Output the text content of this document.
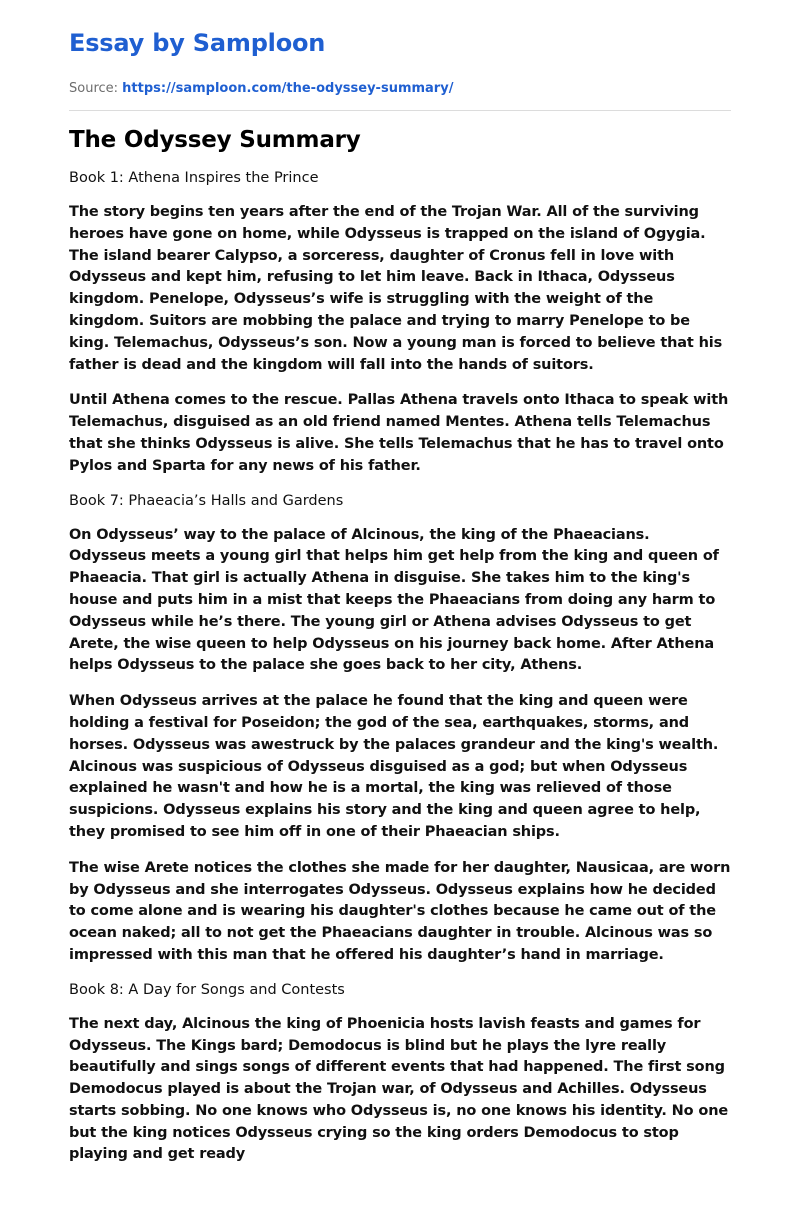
Essay by Samploon
Source: https://samploon.com/the-odyssey-summary/
The Odyssey Summary

Book 1: Athena Inspires the Prince

The story begins ten years after the end of the Trojan War. All of the surviving heroes have gone on home, while Odysseus is trapped on the island of Ogygia. The island bearer Calypso, a sorceress, daughter of Cronus fell in love with Odysseus and kept him, refusing to let him leave. Back in Ithaca, Odysseus kingdom. Penelope, Odysseus’s wife is struggling with the weight of the kingdom. Suitors are mobbing the palace and trying to marry Penelope to be king. Telemachus, Odysseus’s son. Now a young man is forced to believe that his father is dead and the kingdom will fall into the hands of suitors.

Until Athena comes to the rescue. Pallas Athena travels onto Ithaca to speak with Telemachus, disguised as an old friend named Mentes. Athena tells Telemachus that she thinks Odysseus is alive. She tells Telemachus that he has to travel onto Pylos and Sparta for any news of his father.

Book 7: Phaeacia’s Halls and Gardens

On Odysseus’ way to the palace of Alcinous, the king of the Phaeacians. Odysseus meets a young girl that helps him get help from the king and queen of Phaeacia. That girl is actually Athena in disguise. She takes him to the king's house and puts him in a mist that keeps the Phaeacians from doing any harm to Odysseus while he’s there. The young girl or Athena advises Odysseus to get Arete, the wise queen to help Odysseus on his journey back home. After Athena helps Odysseus to the palace she goes back to her city, Athens.

When Odysseus arrives at the palace he found that the king and queen were holding a festival for Poseidon; the god of the sea, earthquakes, storms, and horses. Odysseus was awestruck by the palaces grandeur and the king's wealth. Alcinous was suspicious of Odysseus disguised as a god; but when Odysseus explained he wasn't and how he is a mortal, the king was relieved of those suspicions. Odysseus explains his story and the king and queen agree to help, they promised to see him off in one of their Phaeacian ships.

The wise Arete notices the clothes she made for her daughter, Nausicaa, are worn by Odysseus and she interrogates Odysseus. Odysseus explains how he decided to come alone and is wearing his daughter's clothes because he came out of the ocean naked; all to not get the Phaeacians daughter in trouble. Alcinous was so impressed with this man that he offered his daughter’s hand in marriage.

Book 8: A Day for Songs and Contests

The next day, Alcinous the king of Phoenicia hosts lavish feasts and games for Odysseus. The Kings bard; Demodocus is blind but he plays the lyre really beautifully and sings songs of different events that had happened. The first song Demodocus played is about the Trojan war, of Odysseus and Achilles. Odysseus starts sobbing. No one knows who Odysseus is, no one knows his identity. No one but the king notices Odysseus crying so the king orders Demodocus to stop playing and get ready
